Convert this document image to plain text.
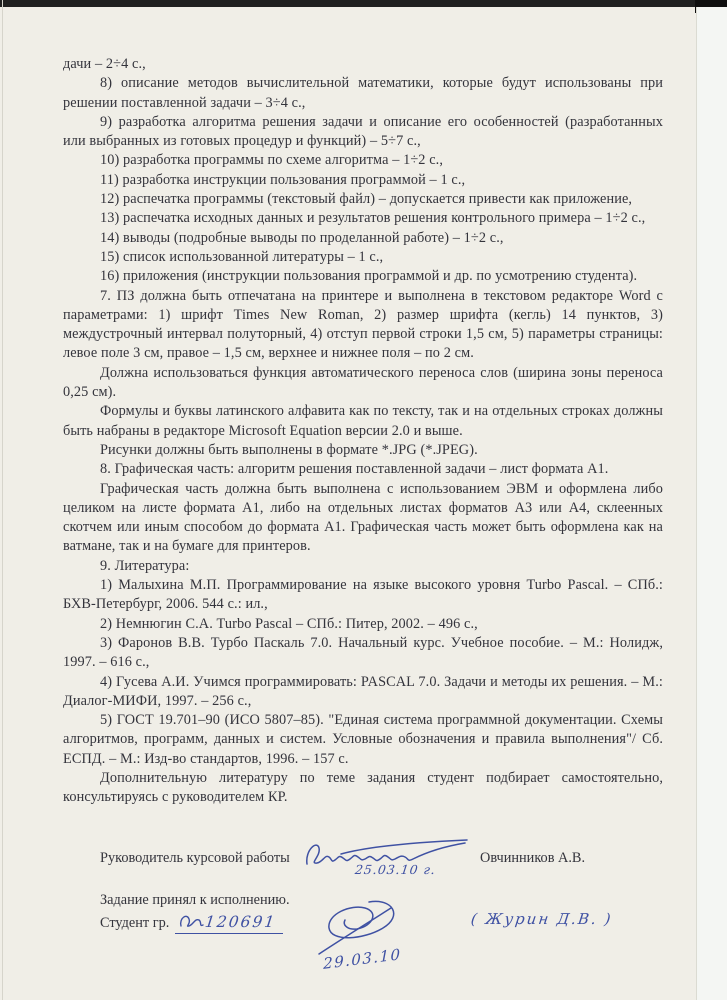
дачи – 2÷4 с.,

8) описание методов вычислительной математики, которые будут использованы при решении поставленной задачи – 3÷4 с.,

9) разработка алгоритма решения задачи и описание его особенностей (разработанных или выбранных из готовых процедур и функций) – 5÷7 с.,

10) разработка программы по схеме алгоритма – 1÷2 с.,

11) разработка инструкции пользования программой – 1 с.,

12) распечатка программы (текстовый файл) – допускается привести как приложение,

13) распечатка исходных данных и результатов решения контрольного примера – 1÷2 с.,

14) выводы (подробные выводы по проделанной работе) – 1÷2 с.,

15) список использованной литературы – 1 с.,

16) приложения (инструкции пользования программой и др. по усмотрению студента).

7. ПЗ должна быть отпечатана на принтере и выполнена в текстовом редакторе Word с параметрами: 1) шрифт Times New Roman, 2) размер шрифта (кегль) 14 пунктов, 3) междустрочный интервал полуторный, 4) отступ первой строки 1,5 см, 5) параметры страницы: левое поле 3 см, правое – 1,5 см, верхнее и нижнее поля – по 2 см.

Должна использоваться функция автоматического переноса слов (ширина зоны переноса 0,25 см).

Формулы и буквы латинского алфавита как по тексту, так и на отдельных строках должны быть набраны в редакторе Microsoft Equation версии 2.0 и выше.

Рисунки должны быть выполнены в формате *.JPG (*.JPEG).

8. Графическая часть: алгоритм решения поставленной задачи – лист формата А1.

Графическая часть должна быть выполнена с использованием ЭВМ и оформлена либо целиком на листе формата А1, либо на отдельных листах форматов А3 или А4, склеенных скотчем или иным способом до формата А1. Графическая часть может быть оформлена как на ватмане, так и на бумаге для принтеров.

9. Литература:

1) Малыхина М.П. Программирование на языке высокого уровня Turbo Pascal. – СПб.: БХВ-Петербург, 2006. 544 с.: ил.,

2) Немнюгин С.А. Turbo Pascal – СПб.: Питер, 2002. – 496 с.,

3) Фаронов В.В. Турбо Паскаль 7.0. Начальный курс. Учебное пособие. – М.: Нолидж, 1997. – 616 с.,

4) Гусева А.И. Учимся программировать: PASCAL 7.0. Задачи и методы их решения. – М.: Диалог-МИФИ, 1997. – 256 с.,

5) ГОСТ 19.701–90 (ИСО 5807–85). "Единая система программной документации. Схемы алгоритмов, программ, данных и систем. Условные обозначения и правила выполнения"/ Сб. ЕСПД. – М.: Изд-во стандартов, 1996. – 157 с.

Дополнительную литературу по теме задания студент подбирает самостоятельно, консультируясь с руководителем КР.

Руководитель курсовой работы
25.03.10 г.
Овчинников А.В.
Задание принял к исполнению.
Студент гр. 120691
29.03.10
( Журин Д.В. )
